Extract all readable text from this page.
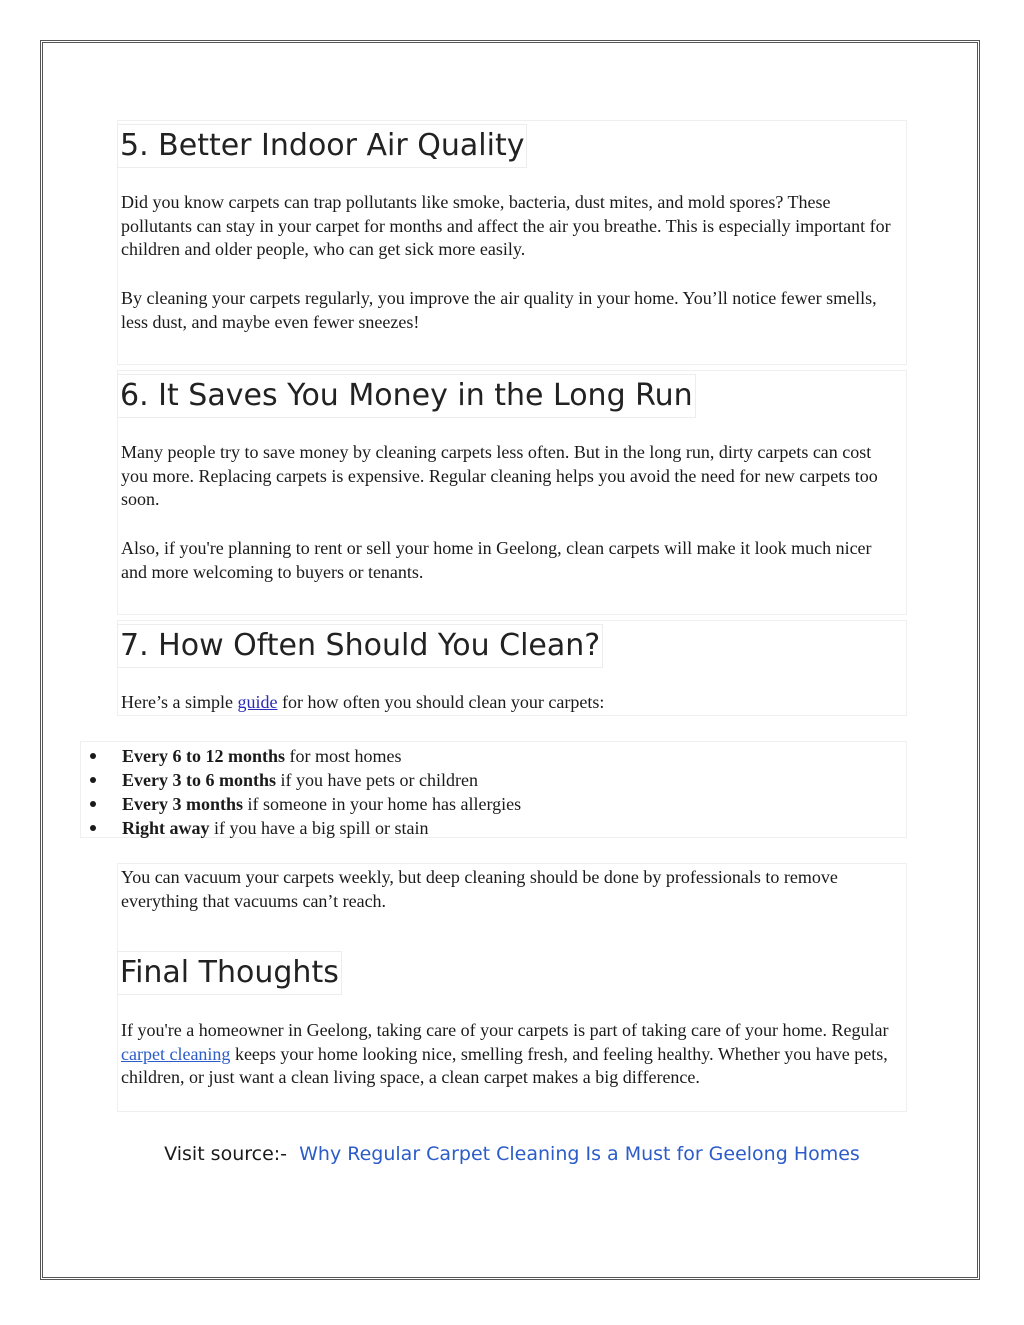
5. Better Indoor Air Quality

Did you know carpets can trap pollutants like smoke, bacteria, dust mites, and mold spores? These pollutants can stay in your carpet for months and affect the air you breathe. This is especially important for children and older people, who can get sick more easily.

By cleaning your carpets regularly, you improve the air quality in your home. You’ll notice fewer smells, less dust, and maybe even fewer sneezes!

6. It Saves You Money in the Long Run

Many people try to save money by cleaning carpets less often. But in the long run, dirty carpets can cost you more. Replacing carpets is expensive. Regular cleaning helps you avoid the need for new carpets too soon.

Also, if you're planning to rent or sell your home in Geelong, clean carpets will make it look much nicer and more welcoming to buyers or tenants.

7. How Often Should You Clean?

Here’s a simple guide for how often you should clean your carpets:

Every 6 to 12 months for most homes
Every 3 to 6 months if you have pets or children
Every 3 months if someone in your home has allergies
Right away if you have a big spill or stain

You can vacuum your carpets weekly, but deep cleaning should be done by professionals to remove everything that vacuums can’t reach.

Final Thoughts

If you're a homeowner in Geelong, taking care of your carpets is part of taking care of your home. Regular carpet cleaning keeps your home looking nice, smelling fresh, and feeling healthy. Whether you have pets, children, or just want a clean living space, a clean carpet makes a big difference.

Visit source:- Why Regular Carpet Cleaning Is a Must for Geelong Homes
